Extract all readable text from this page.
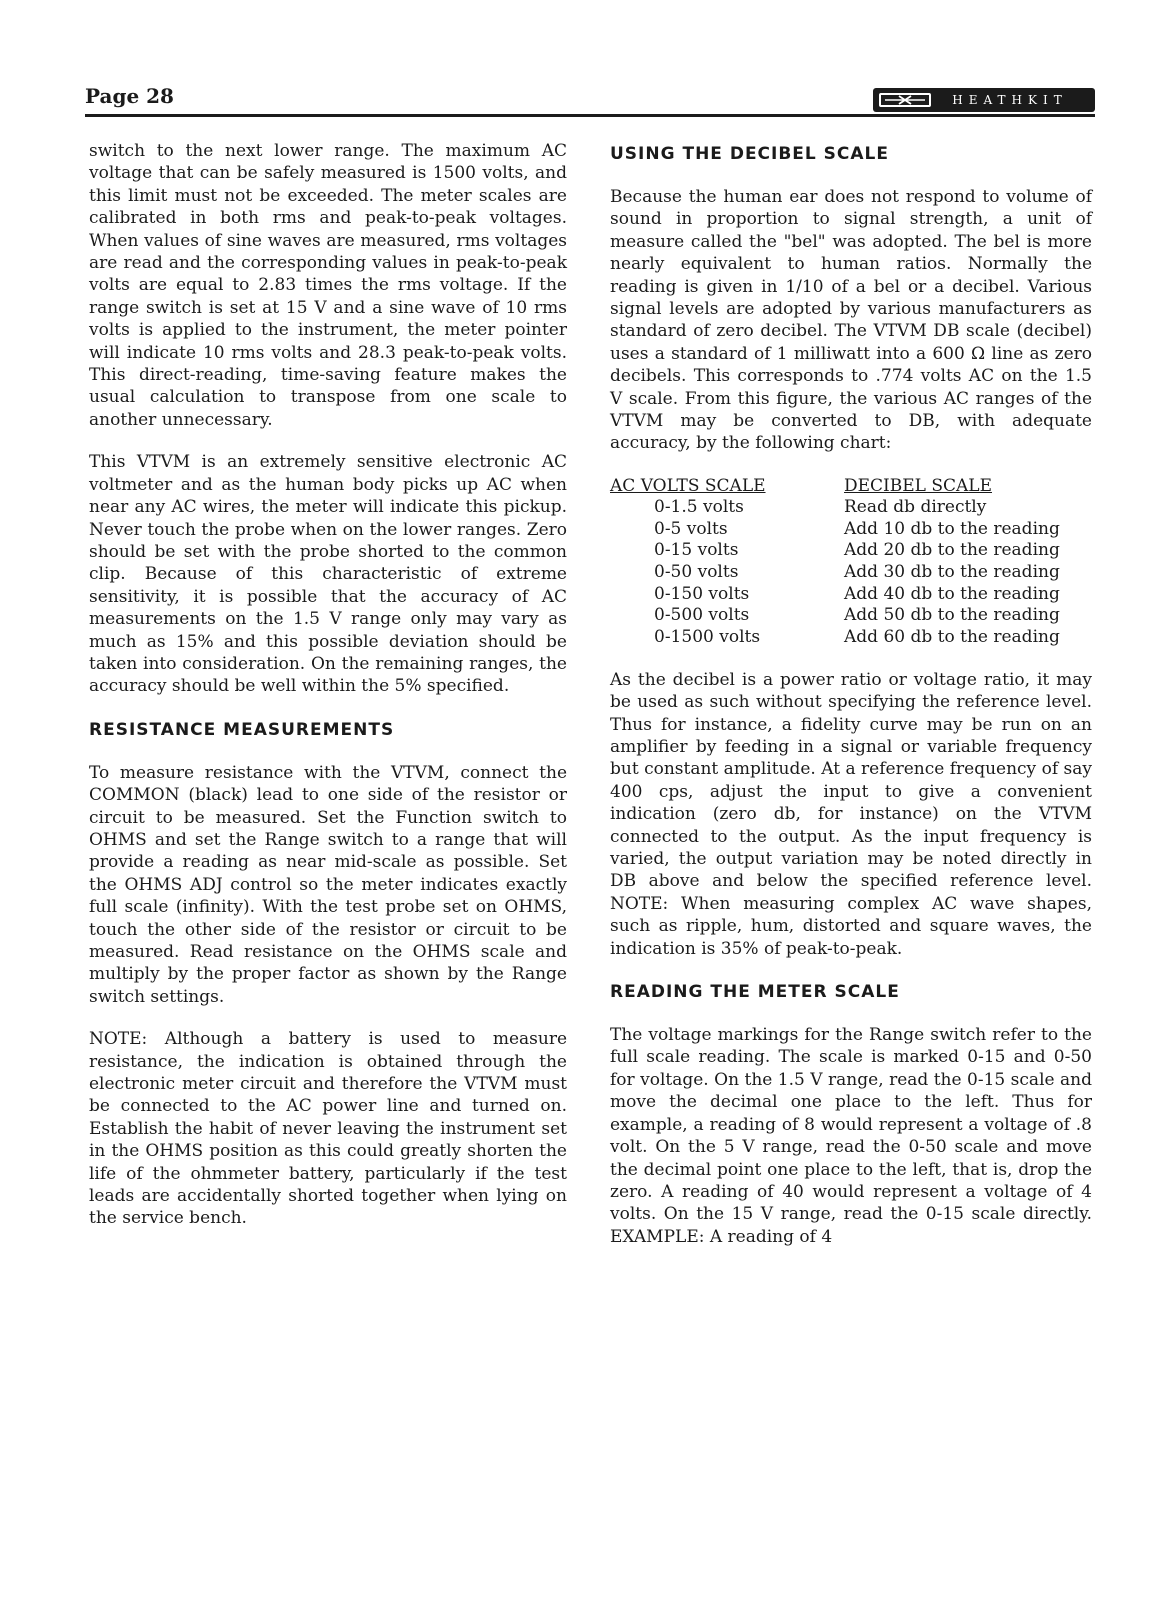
Page 28	HEATHKIT

switch to the next lower range. The maximum AC voltage that can be safely measured is 1500 volts, and this limit must not be exceeded. The meter scales are calibrated in both rms and peak-to-peak voltages. When values of sine waves are measured, rms voltages are read and the corresponding values in peak-to-peak volts are equal to 2.83 times the rms voltage. If the range switch is set at 15 V and a sine wave of 10 rms volts is applied to the instrument, the meter pointer will indicate 10 rms volts and 28.3 peak-to-peak volts. This direct-reading, time-saving feature makes the usual calculation to transpose from one scale to another unnecessary.

This VTVM is an extremely sensitive electronic AC voltmeter and as the human body picks up AC when near any AC wires, the meter will indicate this pickup. Never touch the probe when on the lower ranges. Zero should be set with the probe shorted to the common clip. Because of this characteristic of extreme sensitivity, it is possible that the accuracy of AC measurements on the 1.5 V range only may vary as much as 15% and this possible deviation should be taken into consideration. On the remaining ranges, the accuracy should be well within the 5% specified.

RESISTANCE MEASUREMENTS

To measure resistance with the VTVM, connect the COMMON (black) lead to one side of the resistor or circuit to be measured. Set the Function switch to OHMS and set the Range switch to a range that will provide a reading as near mid-scale as possible. Set the OHMS ADJ control so the meter indicates exactly full scale (infinity). With the test probe set on OHMS, touch the other side of the resistor or circuit to be measured. Read resistance on the OHMS scale and multiply by the proper factor as shown by the Range switch settings.

NOTE: Although a battery is used to measure resistance, the indication is obtained through the electronic meter circuit and therefore the VTVM must be connected to the AC power line and turned on. Establish the habit of never leaving the instrument set in the OHMS position as this could greatly shorten the life of the ohmmeter battery, particularly if the test leads are accidentally shorted together when lying on the service bench.

USING THE DECIBEL SCALE

Because the human ear does not respond to volume of sound in proportion to signal strength, a unit of measure called the "bel" was adopted. The bel is more nearly equivalent to human ratios. Normally the reading is given in 1/10 of a bel or a decibel. Various signal levels are adopted by various manufacturers as standard of zero decibel. The VTVM DB scale (decibel) uses a standard of 1 milliwatt into a 600 Ω line as zero decibels. This corresponds to .774 volts AC on the 1.5 V scale. From this figure, the various AC ranges of the VTVM may be converted to DB, with adequate accuracy, by the following chart:

AC VOLTS SCALE	DECIBEL SCALE
0-1.5 volts	Read db directly
0-5 volts	Add 10 db to the reading
0-15 volts	Add 20 db to the reading
0-50 volts	Add 30 db to the reading
0-150 volts	Add 40 db to the reading
0-500 volts	Add 50 db to the reading
0-1500 volts	Add 60 db to the reading

As the decibel is a power ratio or voltage ratio, it may be used as such without specifying the reference level. Thus for instance, a fidelity curve may be run on an amplifier by feeding in a signal or variable frequency but constant amplitude. At a reference frequency of say 400 cps, adjust the input to give a convenient indication (zero db, for instance) on the VTVM connected to the output. As the input frequency is varied, the output variation may be noted directly in DB above and below the specified reference level. NOTE: When measuring complex AC wave shapes, such as ripple, hum, distorted and square waves, the indication is 35% of peak-to-peak.

READING THE METER SCALE

The voltage markings for the Range switch refer to the full scale reading. The scale is marked 0-15 and 0-50 for voltage. On the 1.5 V range, read the 0-15 scale and move the decimal one place to the left. Thus for example, a reading of 8 would represent a voltage of .8 volt. On the 5 V range, read the 0-50 scale and move the decimal point one place to the left, that is, drop the zero. A reading of 40 would represent a voltage of 4 volts. On the 15 V range, read the 0-15 scale directly. EXAMPLE: A reading of 4
